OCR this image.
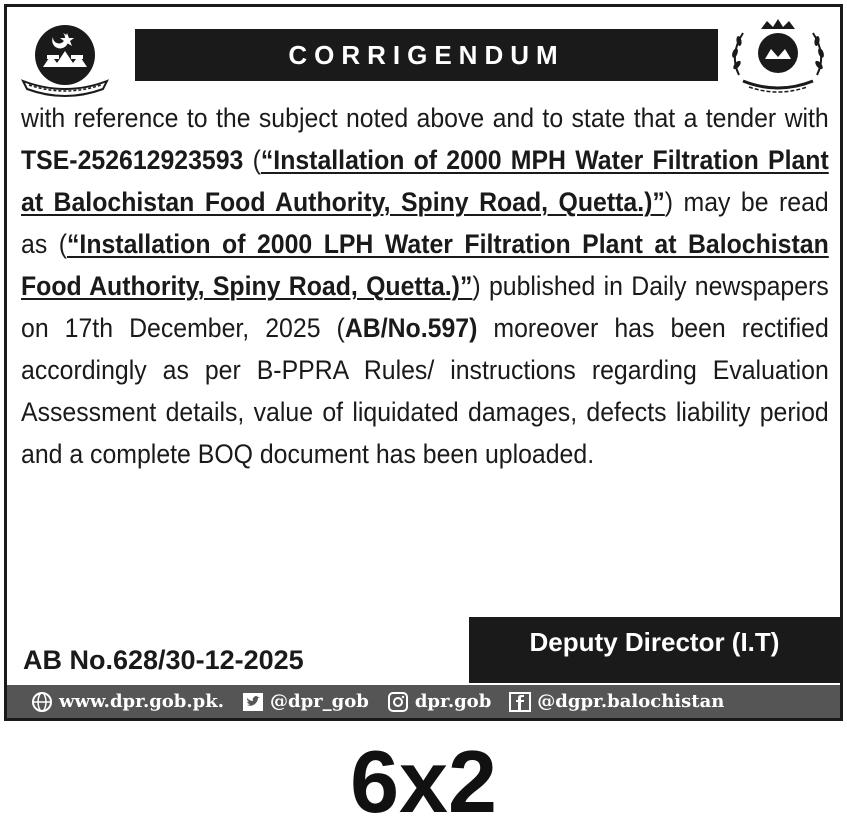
CORRIGENDUM
with reference to the subject noted above and to state that a tender with TSE-252612923593 (“Installation of 2000 MPH Water Filtration Plant at Balochistan Food Authority, Spiny Road, Quetta.)”) may be read as (“Installation of 2000 LPH Water Filtration Plant at Balochistan Food Authority, Spiny Road, Quetta.)”) published in Daily newspapers on 17th December, 2025 (AB/No.597) moreover has been rectified accordingly as per B-PPRA Rules/ instructions regarding Evaluation Assessment details, value of liquidated damages, defects liability period and a complete BOQ document has been uploaded.
AB No.628/30-12-2025
Deputy Director (I.T)
www.dpr.gob.pk.	@dpr_gob	dpr.gob	@dgpr.balochistan
6x2
